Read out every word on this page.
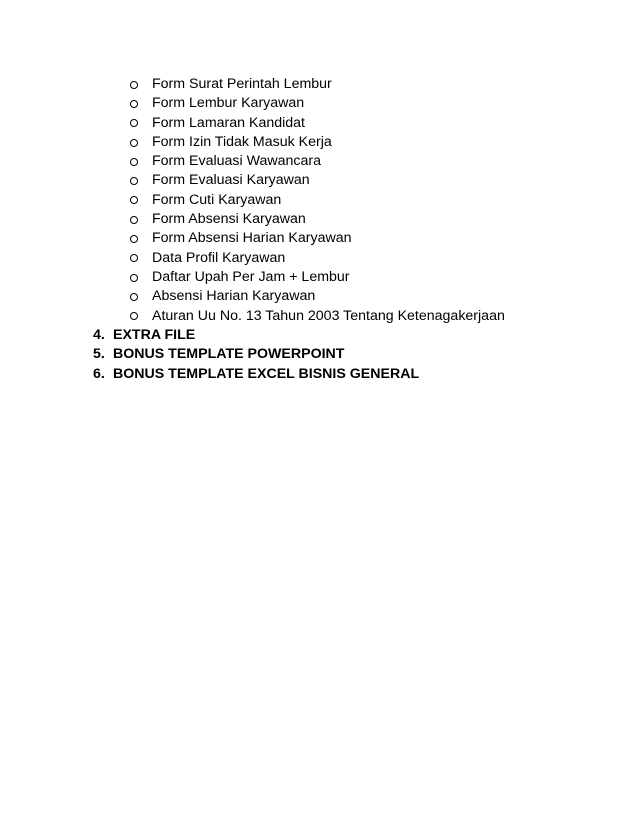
Form Surat Perintah Lembur
Form Lembur Karyawan
Form Lamaran Kandidat
Form Izin Tidak Masuk Kerja
Form Evaluasi Wawancara
Form Evaluasi Karyawan
Form Cuti Karyawan
Form Absensi Karyawan
Form Absensi Harian Karyawan
Data Profil Karyawan
Daftar Upah Per Jam + Lembur
Absensi Harian Karyawan
Aturan Uu No. 13 Tahun 2003 Tentang Ketenagakerjaan
4. EXTRA FILE
5. BONUS TEMPLATE POWERPOINT
6. BONUS TEMPLATE EXCEL BISNIS GENERAL
